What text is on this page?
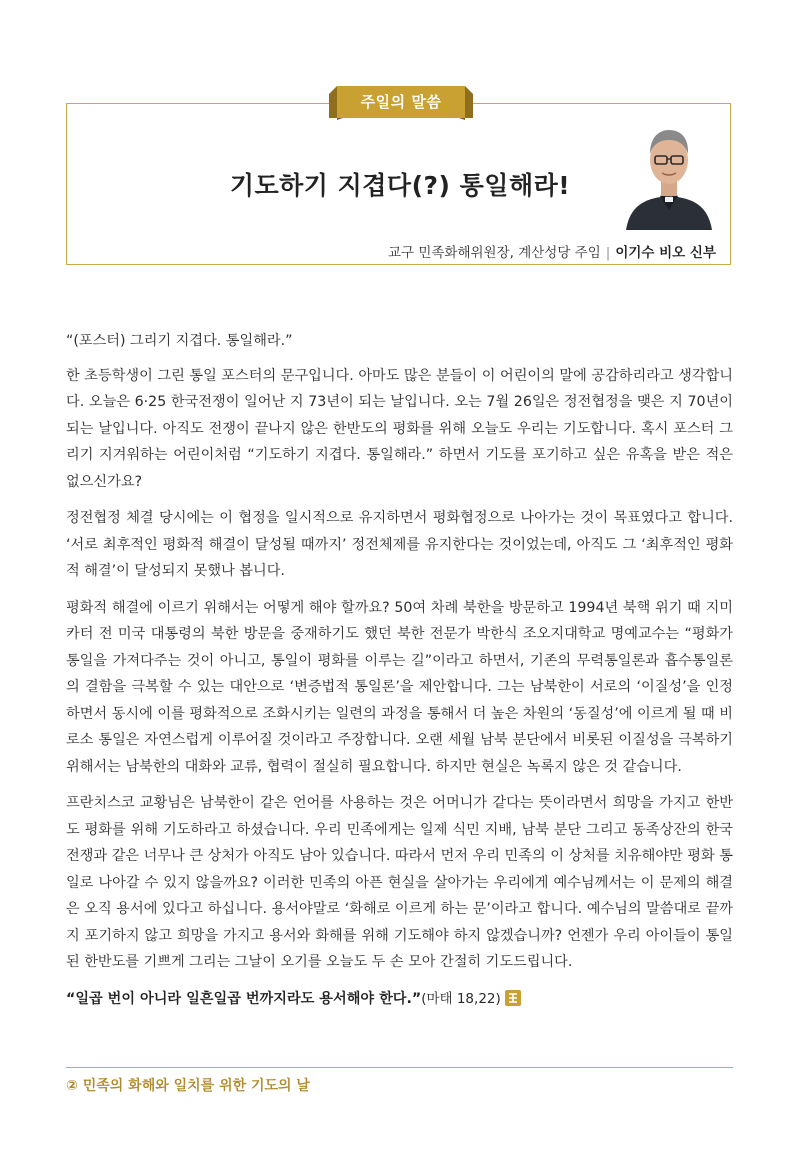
주일의 말씀
기도하기 지겹다(?) 통일해라!
교구 민족화해위원장, 계산성당 주임 | 이기수 비오 신부

“(포스터) 그리기 지겹다. 통일해라.”

한 초등학생이 그린 통일 포스터의 문구입니다. 아마도 많은 분들이 이 어린이의 말에 공감하리라고 생각합니다. 오늘은 6·25 한국전쟁이 일어난 지 73년이 되는 날입니다. 오는 7월 26일은 정전협정을 맺은 지 70년이 되는 날입니다. 아직도 전쟁이 끝나지 않은 한반도의 평화를 위해 오늘도 우리는 기도합니다. 혹시 포스터 그리기 지겨워하는 어린이처럼 “기도하기 지겹다. 통일해라.” 하면서 기도를 포기하고 싶은 유혹을 받은 적은 없으신가요?

정전협정 체결 당시에는 이 협정을 일시적으로 유지하면서 평화협정으로 나아가는 것이 목표였다고 합니다. ‘서로 최후적인 평화적 해결이 달성될 때까지’ 정전체제를 유지한다는 것이었는데, 아직도 그 ‘최후적인 평화적 해결’이 달성되지 못했나 봅니다.

평화적 해결에 이르기 위해서는 어떻게 해야 할까요? 50여 차례 북한을 방문하고 1994년 북핵 위기 때 지미 카터 전 미국 대통령의 북한 방문을 중재하기도 했던 북한 전문가 박한식 조오지대학교 명예교수는 “평화가 통일을 가져다주는 것이 아니고, 통일이 평화를 이루는 길”이라고 하면서, 기존의 무력통일론과 흡수통일론의 결함을 극복할 수 있는 대안으로 ‘변증법적 통일론’을 제안합니다. 그는 남북한이 서로의 ‘이질성’을 인정하면서 동시에 이를 평화적으로 조화시키는 일련의 과정을 통해서 더 높은 차원의 ‘동질성’에 이르게 될 때 비로소 통일은 자연스럽게 이루어질 것이라고 주장합니다. 오랜 세월 남북 분단에서 비롯된 이질성을 극복하기 위해서는 남북한의 대화와 교류, 협력이 절실히 필요합니다. 하지만 현실은 녹록지 않은 것 같습니다.

프란치스코 교황님은 남북한이 같은 언어를 사용하는 것은 어머니가 같다는 뜻이라면서 희망을 가지고 한반도 평화를 위해 기도하라고 하셨습니다. 우리 민족에게는 일제 식민 지배, 남북 분단 그리고 동족상잔의 한국전쟁과 같은 너무나 큰 상처가 아직도 남아 있습니다. 따라서 먼저 우리 민족의 이 상처를 치유해야만 평화 통일로 나아갈 수 있지 않을까요? 이러한 민족의 아픈 현실을 살아가는 우리에게 예수님께서는 이 문제의 해결은 오직 용서에 있다고 하십니다. 용서야말로 ‘화해로 이르게 하는 문’이라고 합니다. 예수님의 말씀대로 끝까지 포기하지 않고 희망을 가지고 용서와 화해를 위해 기도해야 하지 않겠습니까? 언젠가 우리 아이들이 통일된 한반도를 기쁘게 그리는 그날이 오기를 오늘도 두 손 모아 간절히 기도드립니다.

“일곱 번이 아니라 일흔일곱 번까지라도 용서해야 한다.”(마태 18,22)

② 민족의 화해와 일치를 위한 기도의 날
